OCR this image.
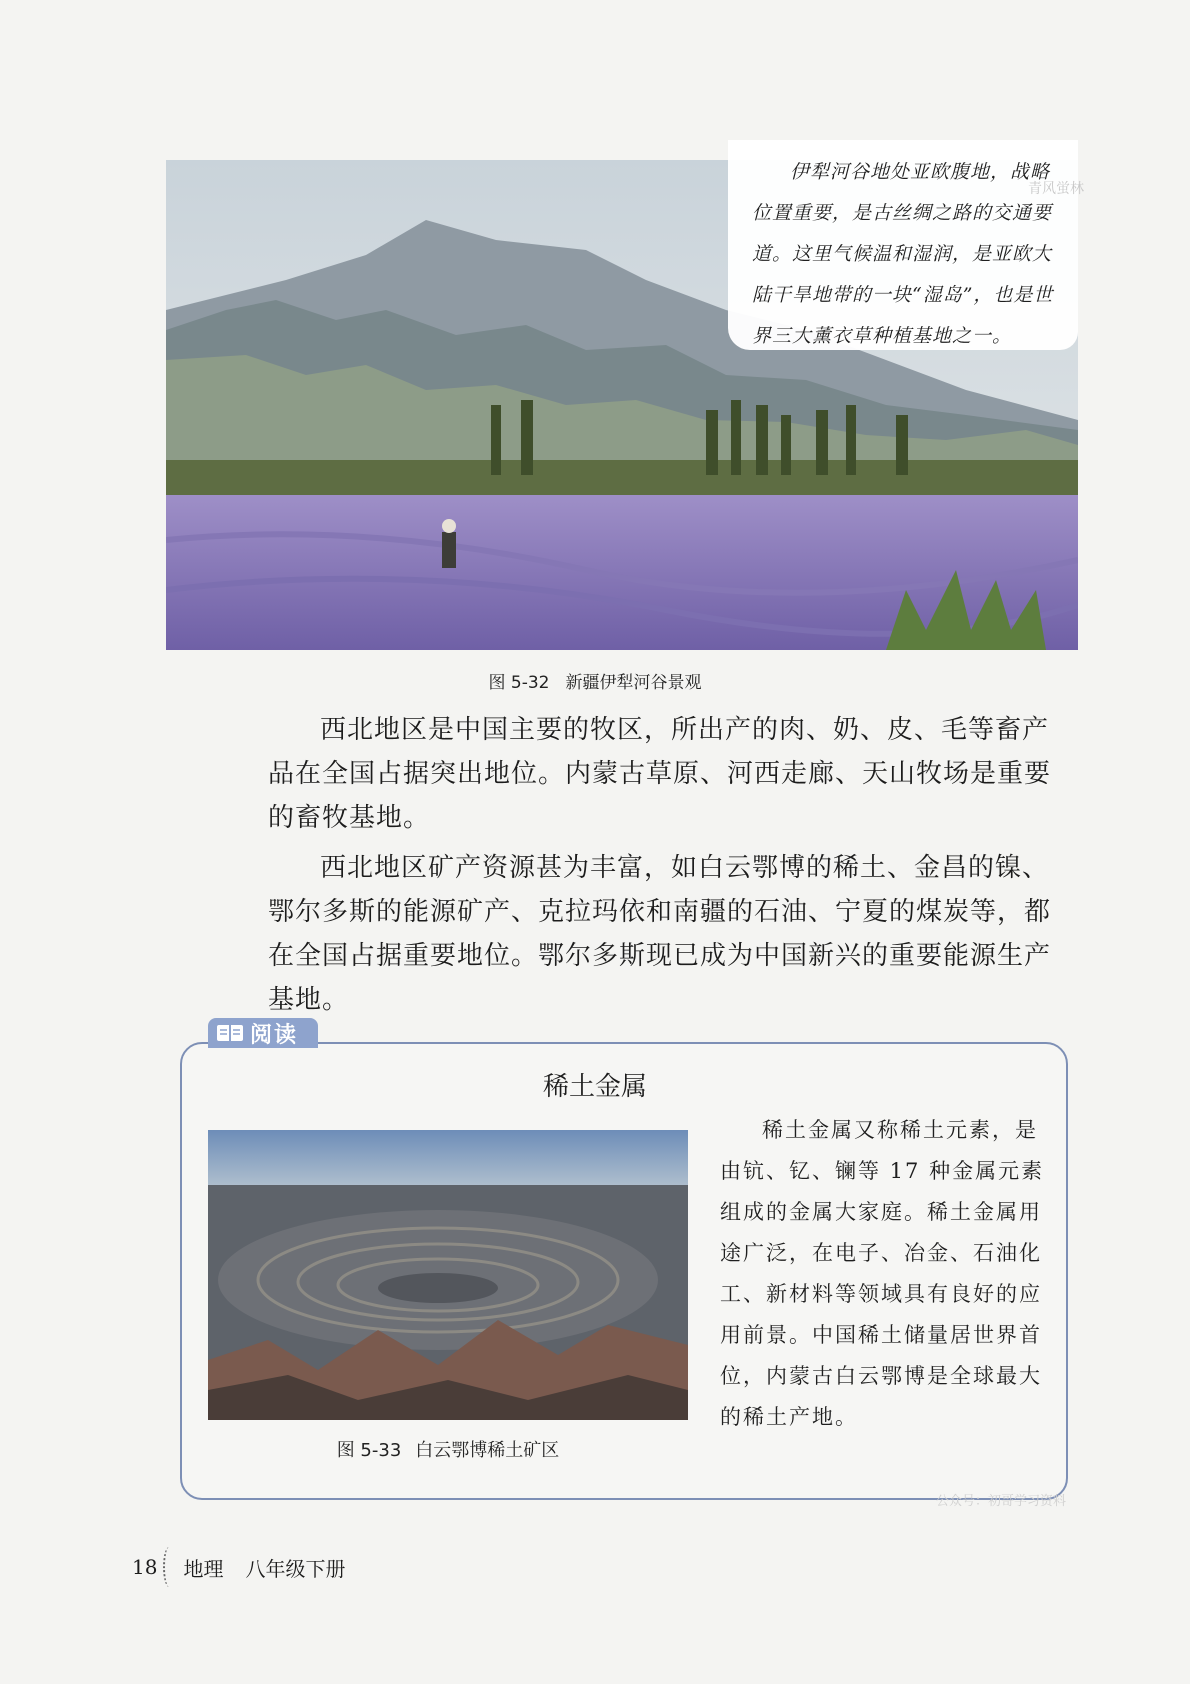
伊犁河谷地处亚欧腹地，战略位置重要，是古丝绸之路的交通要道。这里气候温和湿润，是亚欧大陆干旱地带的一块“湿岛”，也是世界三大薰衣草种植基地之一。

青风蛍林
图 5-32 新疆伊犁河谷景观

西北地区是中国主要的牧区，所出产的肉、奶、皮、毛等畜产品在全国占据突出地位。内蒙古草原、河西走廊、天山牧场是重要的畜牧基地。

西北地区矿产资源甚为丰富，如白云鄂博的稀土、金昌的镍、鄂尔多斯的能源矿产、克拉玛依和南疆的石油、宁夏的煤炭等，都在全国占据重要地位。鄂尔多斯现已成为中国新兴的重要能源生产基地。

阅读
稀土金属
图 5-33 白云鄂博稀土矿区

稀土金属又称稀土元素，是由钪、钇、镧等 17 种金属元素组成的金属大家庭。稀土金属用途广泛，在电子、冶金、石油化工、新材料等领域具有良好的应用前景。中国稀土储量居世界首位，内蒙古白云鄂博是全球最大的稀土产地。

公众号：初哥学习资料
18 地理 八年级下册
